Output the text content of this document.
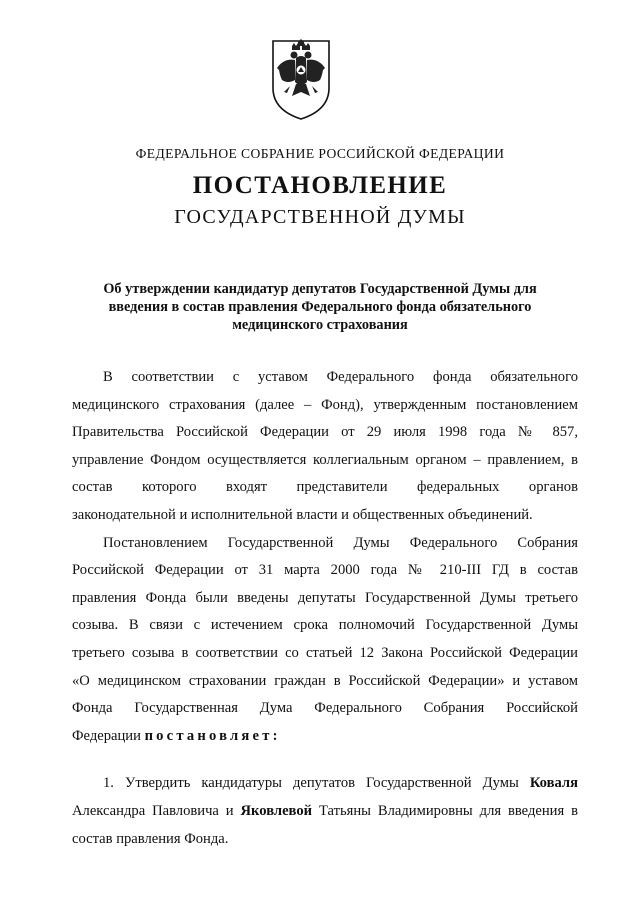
ФЕДЕРАЛЬНОЕ СОБРАНИЕ РОССИЙСКОЙ ФЕДЕРАЦИИ
ПОСТАНОВЛЕНИЕ
ГОСУДАРСТВЕННОЙ ДУМЫ
Об утверждении кандидатур депутатов Государственной Думы для
введения в состав правления Федерального фонда обязательного
медицинского страхования
В соответствии с уставом Федерального фонда обязательного
медицинского страхования (далее – Фонд), утвержденным постановлением
Правительства Российской Федерации от 29 июля 1998 года № 857,
управление Фондом осуществляется коллегиальным органом – правлением, в
состав которого входят представители федеральных органов
законодательной и исполнительной власти и общественных объединений.
Постановлением Государственной Думы Федерального Собрания
Российской Федерации от 31 марта 2000 года № 210-III ГД в состав
правления Фонда были введены депутаты Государственной Думы третьего
созыва. В связи с истечением срока полномочий Государственной Думы
третьего созыва в соответствии со статьей 12 Закона Российской Федерации
«О медицинском страховании граждан в Российской Федерации» и уставом
Фонда Государственная Дума Федерального Собрания Российской
Федерации постановляет:
1. Утвердить кандидатуры депутатов Государственной Думы Коваля
Александра Павловича и Яковлевой Татьяны Владимировны для введения в
состав правления Фонда.
